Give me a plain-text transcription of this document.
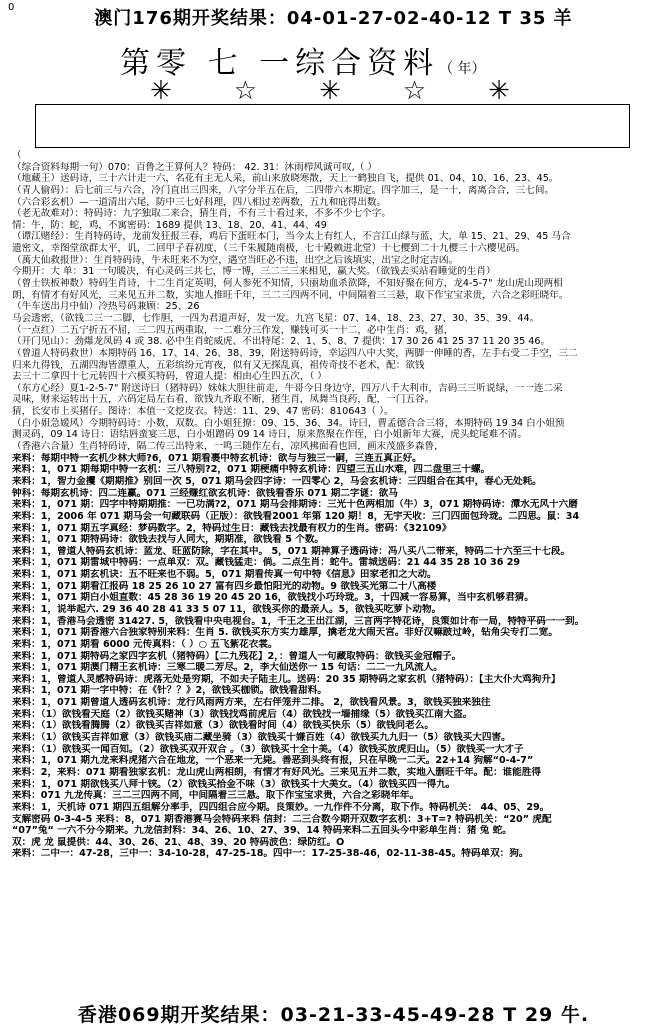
0
澳门176期开奖结果：04-01-27-02-40-12 T 35 羊
第零 七 一综合资料（ 年）
✳ ☆ ✳ ☆ ✳
（
（综合资料每期一句）070：百鲁之王算何人？特码： 42. 31：沐雨栉风诚可叹,（ ）
（地藏王）送码诗，三十六计走一六，名花有主无人采，前山来放晓寒散，天上一鹤独自飞，提供 01、04、10、16、23、45。
（青人偷码）：后七前三与六合，冷门直出三四来，八字分半五在后，二四带六本期定。四字加三，是一十，离离合合，三七间。
（六合彩玄机）—一道清出六尾，防中三七好科理，四八相过差两数，五九和庇得出数。
（老无故难对）：特码诗：九字独取二来合，猜生肖，不有三十看过来，不多不少七个字。
情：牛，防：蛇，鸡，不寓密码：1689 提供 13、18、20、41、44、49
（谭江赌经）：生肖特码诗，龙前发狂报三春，鸡后下蛋旺本门，当今太上有红人，不言江山绿与蓝，大，单 15、21、29、45 马合
遗密文，幸图堂欲群太平，讥，二回甲子春初度，（三千朱履随南极，七十殿赖进北堂）十七樱到二十九樱三十六樱见码。
（萬大仙救报世）：生肖特码诗，牛未旺来不为空，遇空当旺必不违，出空之后该填实，出宝之时定吉凶。
今期开：大 单：31 一句暖决，有心灵码三共七，博一博，三二三三来相见，赢大奖。（欲钱去买站看睡觉的生肖）
（曾士铁板神数）特码生肖诗，十二生肖定英明，何人参死不知情，只丽劫血杀欲降，不知好聚在何方，龙4-5-7" 龙山虎山现两相
朗，有情才有好风光，三来见五并二数，实地人推旺千年，三二三四两不同，中间隔着三三悬，取下作宝宝求贵，六合之彩旺晓年。
（牛车送出月中仙）冷热号码兼顾：25、26
马会透密，（欲钱二三一二脚，七作胆，一四为君道声好，发一发。九宫飞星：07、14、18、23、27、30、35、39、44。
（一点红）二五宁折五不屈，三二四五两重取，一二难分三作发，赚钱可买一十二，必中生肖：鸡，猪，
（开门见山）：劲爆龙凤码 4 或 38. 必中生肖蛇威虎、不出特尾：2、1、5、8、7 提供：17 30 26 41 25 37 11 20 35 46。
（曾道人特码救世）本期特码 16、17、14、26、38、39，附送特码诗，幸运四八中大奖，两脚一伸睡的香，左手右受二手空，三二
归来九得钱，五湖四海皆漂重人，五彩缤纷元宵夜，似有又无探乱真，祖传奇技不老术，配：欲钱
去三十二拿四十七元转四十六模买特码，曾道人提：相由心生四五次，（ ）
（东方心经）夏1-2-5-7" 附送诗曰（猪特码）妹妹大胆往前走，牛哥今日身边守，四万八千大利市，吉码三三听说绿，一一连二采
灵味，财来运转出十五，六码定局左右看，欲钱九齐取不断，猪生肖，凤舞当良药，配，一门五谷。
猜，长安市上买猪仔。图诗：本值一文挖皮衣。特送：11、29、47 密码：810643（ ）。
（白小姐急媛风）今期特码诗：小数，双数。白小姐狂撩：09、15、36、34。诗曰，曹孟德合合三将，本期特码 19 34 白小姐预
测灵码，09 14 诗日：语结唇蛮宴三思，白小姐蹭码 09 14 诗日，原来熬聚在作侄，白小姐新年大赛，虎头蛇尾难不清。
（香港六合量）生肖特码诗，隔二传三出特来，一鸣三随作左右，凉风拂面看也回，画末茂盛多森鲁，
来料：每期中特一玄机少林大师?6，071 期看裹中特玄机诗：欲与与独三一嗣，三连五真正好。
来料：1，071 期每期中特一玄机：三八特别?2，071 期梗痛中特玄机诗：四望三五山水难，四二盘里三十螺。
来料：1，智力金攫《期期推》别回一次 5，071 期马会四字诗：一四零心 2，马会玄机诗：三四组合在其中，春心无处耗。
钟科：每期玄机诗：四二连赢。071 三经赚红欲玄机诗：欲钱看香乐 071 期二字谜：欲马
来料：1，071 期：四字中特期期推：一已功满?2，071 期马会排期诗：三光十色两相加（牛）3，071 期特码诗：潭水无风十六磨
来料：1，2006 年 071 期马会一句藏联码（正版）：欲钱看2001 年第 120 期！8，无宇天收：三门四面包玲珑。二四思。鼠：34
来料：1，071 期五字真经：梦码数字。2，特码过生日：藏钱去找最有权力的生肖。密码：《32109》
来料：1，071 期特码诗：欲钱去找与人同大，期期准，欲钱看 5 个数。
来料：1，曾道人特码玄机诗：蓝龙、旺蓝防除，字在其中。 5，071 期神算子透码诗：冯八买八二带来，特码二十六至三十七段。
来料：1，071 期雷城中特码：一点单双：双。藏钱猛走：倘。二点生肖：蛇牛。雷城送码：21 44 35 28 10 36 29
来料：1，071 期玄机诀：五不旺来也不弱。5，071 期看传真一句中特《信息》田家老扣之大动。
来料：1，071 期看江报码 18 25 26 10 27 富有四乡最怕阳光的动物。9 欲钱买光第二十八高楼
来料：1，071 期白小姐直数：45 28 36 19 20 45 20 16，欲钱找小巧玲珑。3，十四减一容易算，当中玄机够君猜。
来料：1，说举起六. 29 36 40 28 41 33 5 07 11，欲钱买你的最亲人。5，欲钱买吃萝卜动物。
来料：1，香港马会透密 31427. 5，欲钱看中央电视台。1，千王之王出江湖，三言两字特花诗，良策如计布一局，特特平码一一到。
来料：1，071 期香港六合独家特别来料：生肖 5. 欲钱买东方实力雄厚，擒老龙大闹天宫。非好汉嘛跛过岭，钻角尖专打二宽。
来料：1，071 期看 6000 元传真料：（ ）○ 五飞紫花衣裳。
来料：1，071 期特码之家四字玄机（猪特码）【二九残花】2，：曾道人一句藏取特码：欲钱买金冠帽子。
来料：1，071 期澳门精王玄机诗：三寒二暖二芳尽。2，李大仙送你一 15 句话：二二一九风流人。
来料：1，曾道人灵感特码诗：虎落无处是穷期，不如夫子陆主儿。送码：20 35 期特码之家玄机（猪特码）：【主大仆大鸡狗升】
来料：1，071 期一字中特：在《针？？》2，欲钱买枷锁。欲钱看甜料。
来料：1，071 期曾道人透码玄机诗：龙行风雨两方来，左右伴笼并二排。 2，欲钱看风景。3，欲钱买独来独往
来料：（1）欲钱看天庭（2）欲钱买赌神（3）欲钱找鸡前虎后（4）欲钱找一墙捕缘（5）欲钱买江南大盗。
来料：（1）欲钱看腾腾（2）欲钱买吉祥如意（3）欲钱看时间（4）欲钱买快乐（5）欲钱问老么。
来料：（1）欲钱买吉祥如意（3）欲钱买庙二藏坐骑（3）欲钱买十嫌百姓（4）欲钱买九九归一（5）欲钱买大四害。
来料：（1）欲钱买一闻百知。（2）欲钱买双开双合 。（3）欲钱买十全十美。（4）欲钱买放虎归山。（5）欲钱买一大才子
来料：1，071 期九龙来料虎猪六合在地龙，一个恶来一无毙。善恶到头终有报，只在早晚一二天。22+14 狗解“0-4-7”
来料：2，来料：071 期看独家玄机：龙山虎山两相朗，有情才有好风光。三来见五并二数，实地入删旺千年。配：谁能胜得
来料：1，071 期欲钱买八拜十铗。（2）欲钱买拾金不味（3）欲钱买十大美女。（4）欲钱买四一得九。
来料：071 九龙传真：三二三四两不同，中间隔着三三悬。取下作宝宝求贵，六合之彩晓年年。
来料：1，天机诗 071 期四五组解分率手，四四组合应今期。良策妙。一九作件不分离，取下作。特码机关： 44、05、29。
支解密码 0-3-4-5 来料：8，071 期香港赛马会特码来料 信封：二三合数今期开双数字玄机：3+T=? 特码机关：“20” 虎配
“07”兔“ 一六不分今期来。九龙信封料：34、26、10、27、39、14 特码来料二五回头今中彩单生肖：猪 兔 蛇。
双：虎 龙 鼠提供：44、30、26、21、48、39、20 特码波色：绿防红。O
来料：二中一：47-28，三中一：34-10-28，47-25-18。四中一：17-25-38-46，02-11-38-45。特码单双：狗。
香港069期开奖结果：03-21-33-45-49-28 T 29 牛.
